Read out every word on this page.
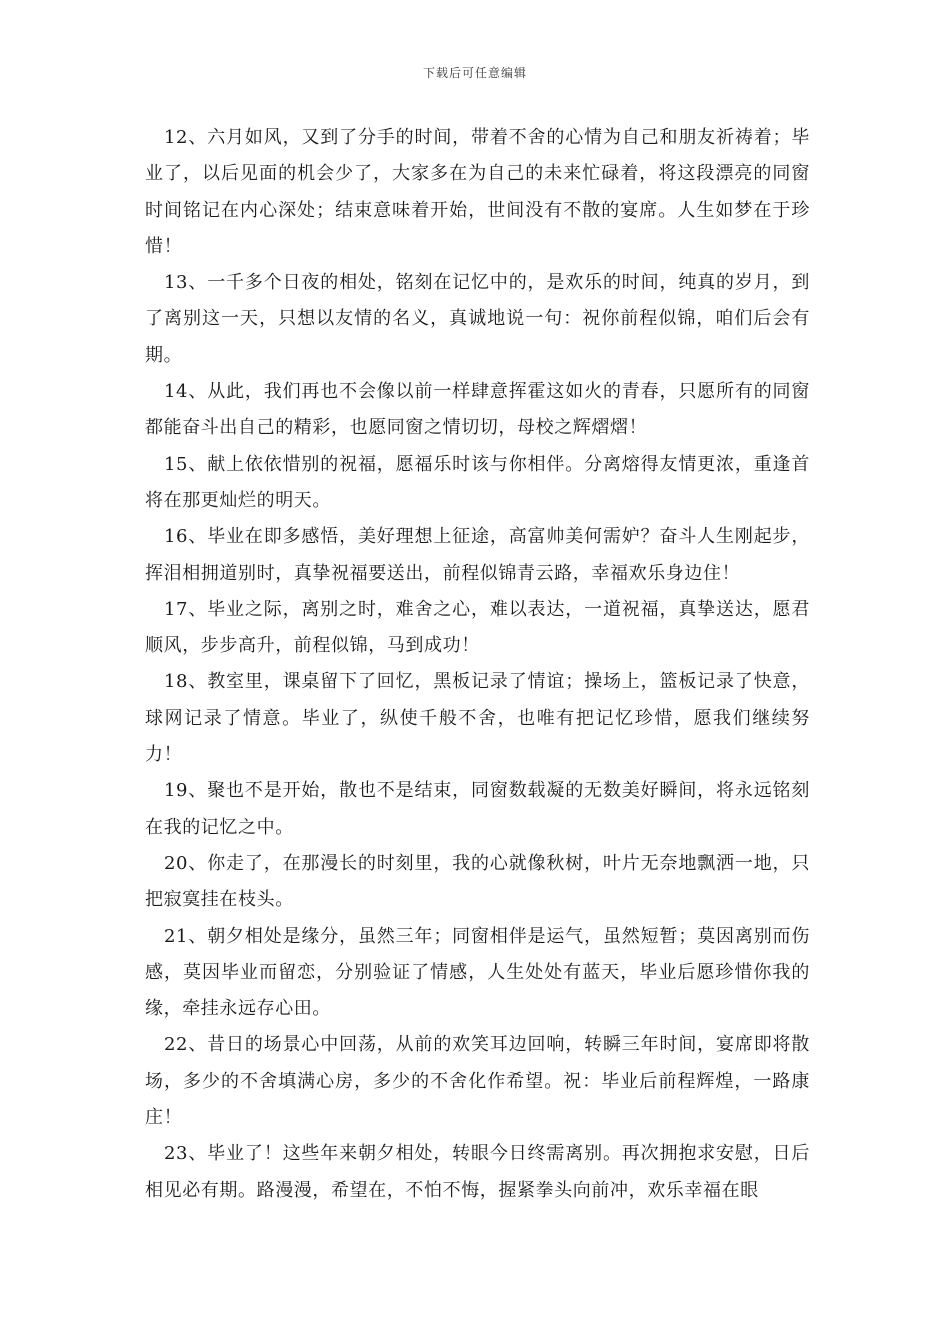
下载后可任意编辑

12、六月如风，又到了分手的时间，带着不舍的心情为自己和朋友祈祷着；毕业了，以后见面的机会少了，大家多在为自己的未来忙碌着，将这段漂亮的同窗时间铭记在内心深处；结束意味着开始，世间没有不散的宴席。人生如梦在于珍惜！

13、一千多个日夜的相处，铭刻在记忆中的，是欢乐的时间，纯真的岁月，到了离别这一天，只想以友情的名义，真诚地说一句：祝你前程似锦，咱们后会有期。

14、从此，我们再也不会像以前一样肆意挥霍这如火的青春，只愿所有的同窗都能奋斗出自己的精彩，也愿同窗之情切切，母校之辉熠熠！

15、献上依依惜别的祝福，愿福乐时该与你相伴。分离熔得友情更浓，重逢首将在那更灿烂的明天。

16、毕业在即多感悟，美好理想上征途，高富帅美何需妒？奋斗人生刚起步，挥泪相拥道别时，真挚祝福要送出，前程似锦青云路，幸福欢乐身边住！

17、毕业之际，离别之时，难舍之心，难以表达，一道祝福，真挚送达，愿君顺风，步步高升，前程似锦，马到成功！

18、教室里，课桌留下了回忆，黑板记录了情谊；操场上，篮板记录了快意，球网记录了情意。毕业了，纵使千般不舍，也唯有把记忆珍惜，愿我们继续努力！

19、聚也不是开始，散也不是结束，同窗数载凝的无数美好瞬间，将永远铭刻在我的记忆之中。

20、你走了，在那漫长的时刻里，我的心就像秋树，叶片无奈地飘洒一地，只把寂寞挂在枝头。

21、朝夕相处是缘分，虽然三年；同窗相伴是运气，虽然短暂；莫因离别而伤感，莫因毕业而留恋，分别验证了情感，人生处处有蓝天，毕业后愿珍惜你我的缘，牵挂永远存心田。

22、昔日的场景心中回荡，从前的欢笑耳边回响，转瞬三年时间，宴席即将散场，多少的不舍填满心房，多少的不舍化作希望。祝：毕业后前程辉煌，一路康庄！

23、毕业了！这些年来朝夕相处，转眼今日终需离别。再次拥抱求安慰，日后相见必有期。路漫漫，希望在，不怕不悔，握紧拳头向前冲，欢乐幸福在眼
